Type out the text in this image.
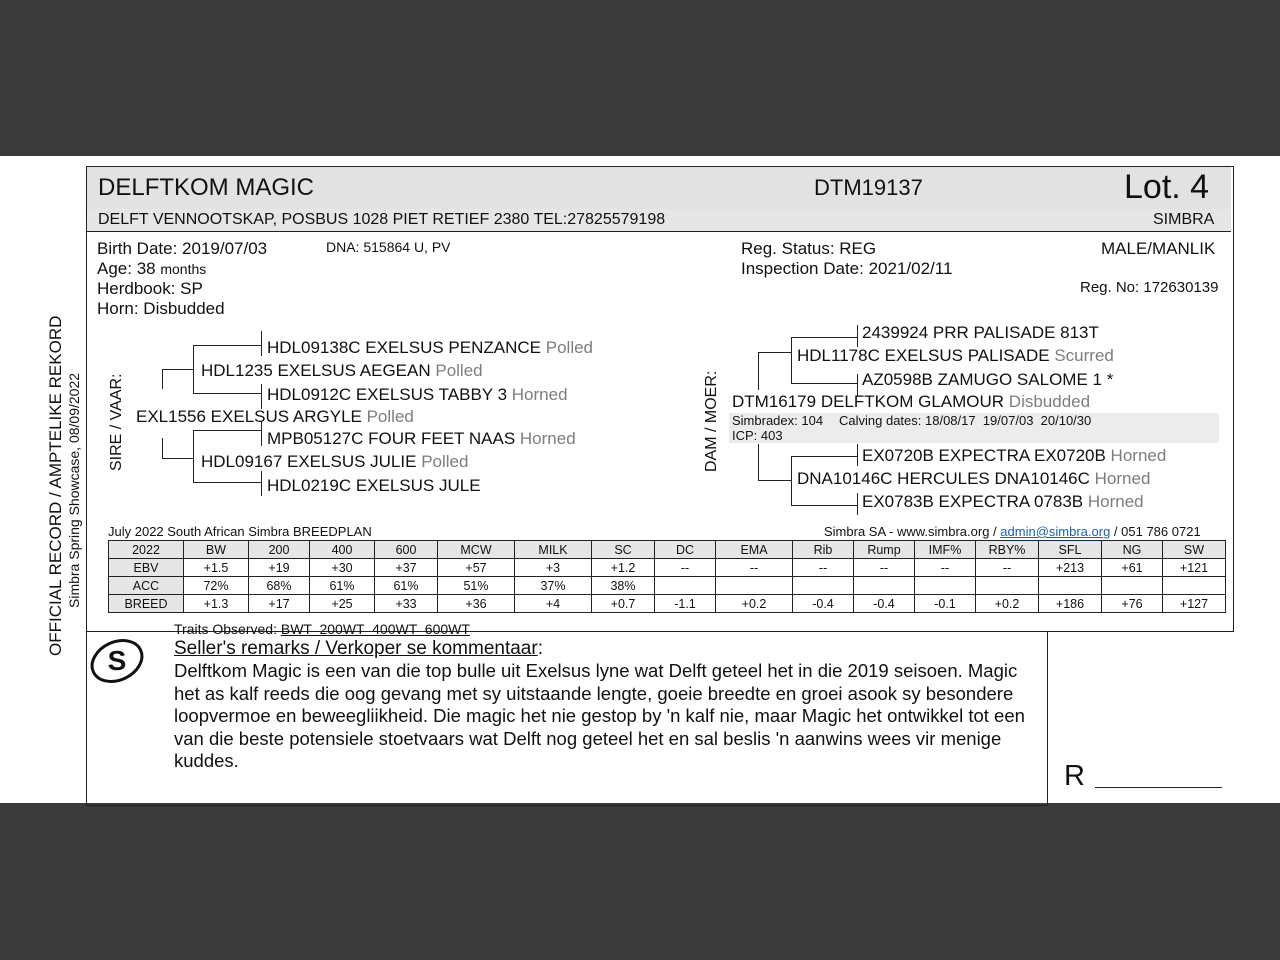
OFFICIAL RECORD / AMPTELIKE REKORD Simbra Spring Showcase, 08/09/2022
DELFTKOM MAGIC	DTM19137	Lot. 4
DELFT VENNOOTSKAP, POSBUS 1028 PIET RETIEF 2380 TEL:27825579198	SIMBRA
Birth Date: 2019/07/03	DNA: 515864 U, PV
Age: 38 months
Herdbook: SP
Horn: Disbudded
Reg. Status: REG
Inspection Date: 2021/02/11
MALE/MANLIK
Reg. No: 172630139
SIRE / VAAR:
HDL09138C EXELSUS PENZANCE Polled
HDL1235 EXELSUS AEGEAN Polled
HDL0912C EXELSUS TABBY 3 Horned
EXL1556 EXELSUS ARGYLE Polled
MPB05127C FOUR FEET NAAS Horned
HDL09167 EXELSUS JULIE Polled
HDL0219C EXELSUS JULE
DAM / MOER:
2439924 PRR PALISADE 813T
HDL1178C EXELSUS PALISADE Scurred
AZ0598B ZAMUGO SALOME 1 *
DTM16179 DELFTKOM GLAMOUR Disbudded
Simbradex: 104 Calving dates: 18/08/17  19/07/03  20/10/30
ICP: 403
EX0720B EXPECTRA EX0720B Horned
DNA10146C HERCULES DNA10146C Horned
EX0783B EXPECTRA 0783B Horned
July 2022 South African Simbra BREEDPLAN	Simbra SA - www.simbra.org / admin@simbra.org / 051 786 0721
2022	BW	200	400	600	MCW	MILK	SC	DC	EMA	Rib	Rump	IMF%	RBY%	SFL	NG	SW
EBV	+1.5	+19	+30	+37	+57	+3	+1.2	--	--	--	--	--	--	+213	+61	+121
ACC	72%	68%	61%	61%	51%	37%	38%									
BREED	+1.3	+17	+25	+33	+36	+4	+0.7	-1.1	+0.2	-0.4	-0.4	-0.1	+0.2	+186	+76	+127
S
Traits Observed: BWT  200WT  400WT  600WT
Seller's remarks / Verkoper se kommentaar:
Delftkom Magic is een van die top bulle uit Exelsus lyne wat Delft geteel het in die 2019 seisoen. Magic het as kalf reeds die oog gevang met sy uitstaande lengte, goeie breedte en groei asook sy besondere loopvermoe en beweegliikheid. Die magic het nie gestop by 'n kalf nie, maar Magic het ontwikkel tot een van die beste potensiele stoetvaars wat Delft nog geteel het en sal beslis 'n aanwins wees vir menige kuddes.	R
